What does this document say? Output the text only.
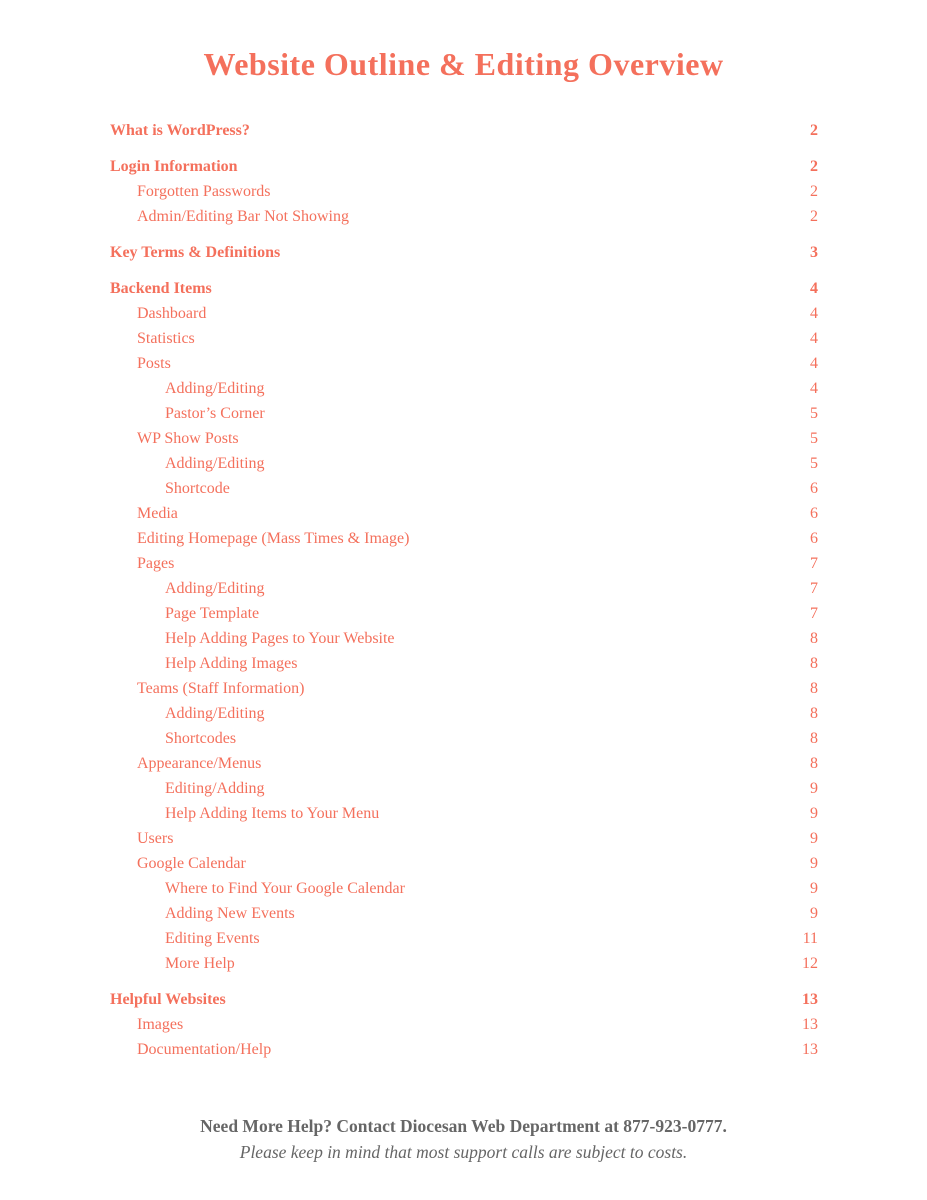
Website Outline & Editing Overview
What is WordPress?	2
Login Information	2
Forgotten Passwords	2
Admin/Editing Bar Not Showing	2
Key Terms & Definitions	3
Backend Items	4
Dashboard	4
Statistics	4
Posts	4
Adding/Editing	4
Pastor’s Corner	5
WP Show Posts	5
Adding/Editing	5
Shortcode	6
Media	6
Editing Homepage (Mass Times & Image)	6
Pages	7
Adding/Editing	7
Page Template	7
Help Adding Pages to Your Website	8
Help Adding Images	8
Teams (Staff Information)	8
Adding/Editing	8
Shortcodes	8
Appearance/Menus	8
Editing/Adding	9
Help Adding Items to Your Menu	9
Users	9
Google Calendar	9
Where to Find Your Google Calendar	9
Adding New Events	9
Editing Events	11
More Help	12
Helpful Websites	13
Images	13
Documentation/Help	13
Need More Help? Contact Diocesan Web Department at 877-923-0777.
Please keep in mind that most support calls are subject to costs.
